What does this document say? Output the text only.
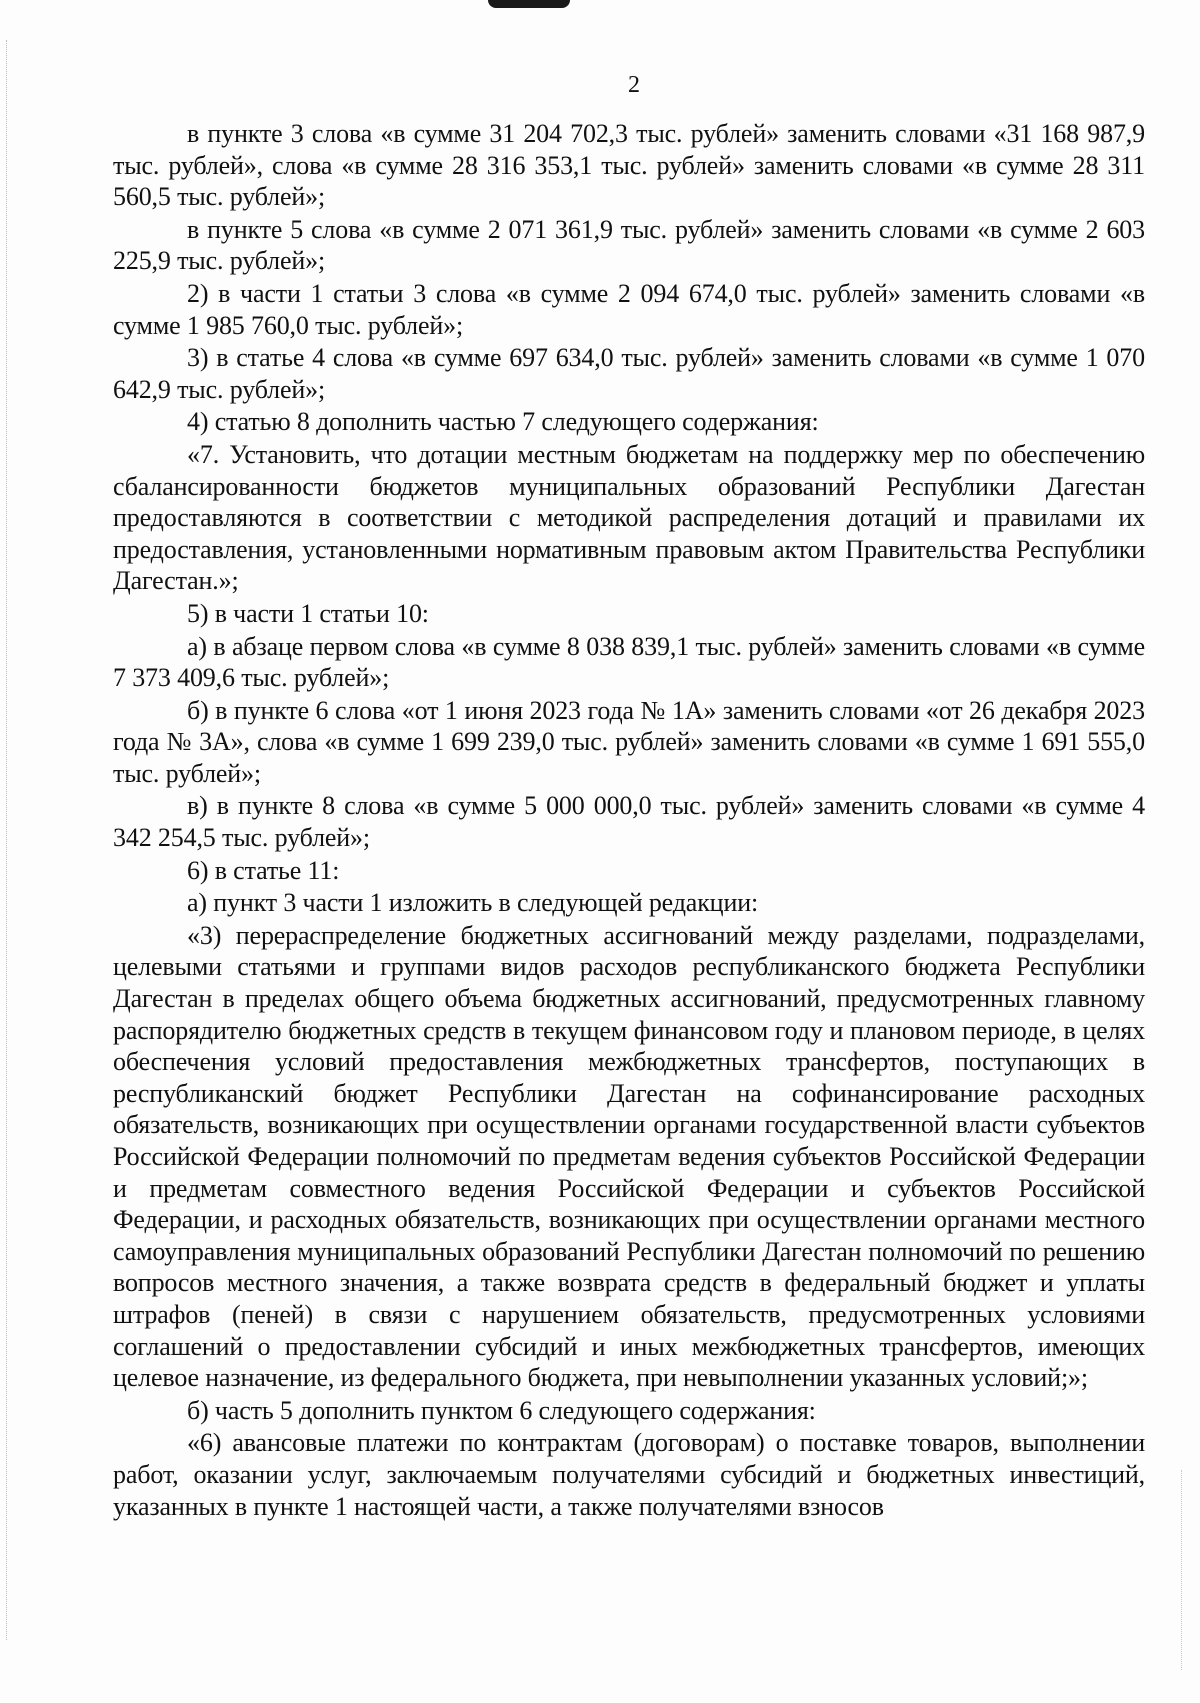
2

в пункте 3 слова «в сумме 31 204 702,3 тыс. рублей» заменить словами «31 168 987,9 тыс. рублей», слова «в сумме 28 316 353,1 тыс. рублей» заменить словами «в сумме 28 311 560,5 тыс. рублей»;

в пункте 5 слова «в сумме 2 071 361,9 тыс. рублей» заменить словами «в сумме 2 603 225,9 тыс. рублей»;

2) в части 1 статьи 3 слова «в сумме 2 094 674,0 тыс. рублей» заменить словами «в сумме 1 985 760,0 тыс. рублей»;

3) в статье 4 слова «в сумме 697 634,0 тыс. рублей» заменить словами «в сумме 1 070 642,9 тыс. рублей»;

4) статью 8 дополнить частью 7 следующего содержания:

«7. Установить, что дотации местным бюджетам на поддержку мер по обеспечению сбалансированности бюджетов муниципальных образований Республики Дагестан предоставляются в соответствии с методикой распределения дотаций и правилами их предоставления, установленными нормативным правовым актом Правительства Республики Дагестан.»;

5) в части 1 статьи 10:

а) в абзаце первом слова «в сумме 8 038 839,1 тыс. рублей» заменить словами «в сумме 7 373 409,6 тыс. рублей»;

б) в пункте 6 слова «от 1 июня 2023 года № 1А» заменить словами «от 26 декабря 2023 года № 3А», слова «в сумме 1 699 239,0 тыс. рублей» заменить словами «в сумме 1 691 555,0 тыс. рублей»;

в) в пункте 8 слова «в сумме 5 000 000,0 тыс. рублей» заменить словами «в сумме 4 342 254,5 тыс. рублей»;

6) в статье 11:

а) пункт 3 части 1 изложить в следующей редакции:

«3) перераспределение бюджетных ассигнований между разделами, подразделами, целевыми статьями и группами видов расходов республиканского бюджета Республики Дагестан в пределах общего объема бюджетных ассигнований, предусмотренных главному распорядителю бюджетных средств в текущем финансовом году и плановом периоде, в целях обеспечения условий предоставления межбюджетных трансфертов, поступающих в республиканский бюджет Республики Дагестан на софинансирование расходных обязательств, возникающих при осуществлении органами государственной власти субъектов Российской Федерации полномочий по предметам ведения субъектов Российской Федерации и предметам совместного ведения Российской Федерации и субъектов Российской Федерации, и расходных обязательств, возникающих при осуществлении органами местного самоуправления муниципальных образований Республики Дагестан полномочий по решению вопросов местного значения, а также возврата средств в федеральный бюджет и уплаты штрафов (пеней) в связи с нарушением обязательств, предусмотренных условиями соглашений о предоставлении субсидий и иных межбюджетных трансфертов, имеющих целевое назначение, из федерального бюджета, при невыполнении указанных условий;»;

б) часть 5 дополнить пунктом 6 следующего содержания:

«6) авансовые платежи по контрактам (договорам) о поставке товаров, выполнении работ, оказании услуг, заключаемым получателями субсидий и бюджетных инвестиций, указанных в пункте 1 настоящей части, а также получателями взносов
